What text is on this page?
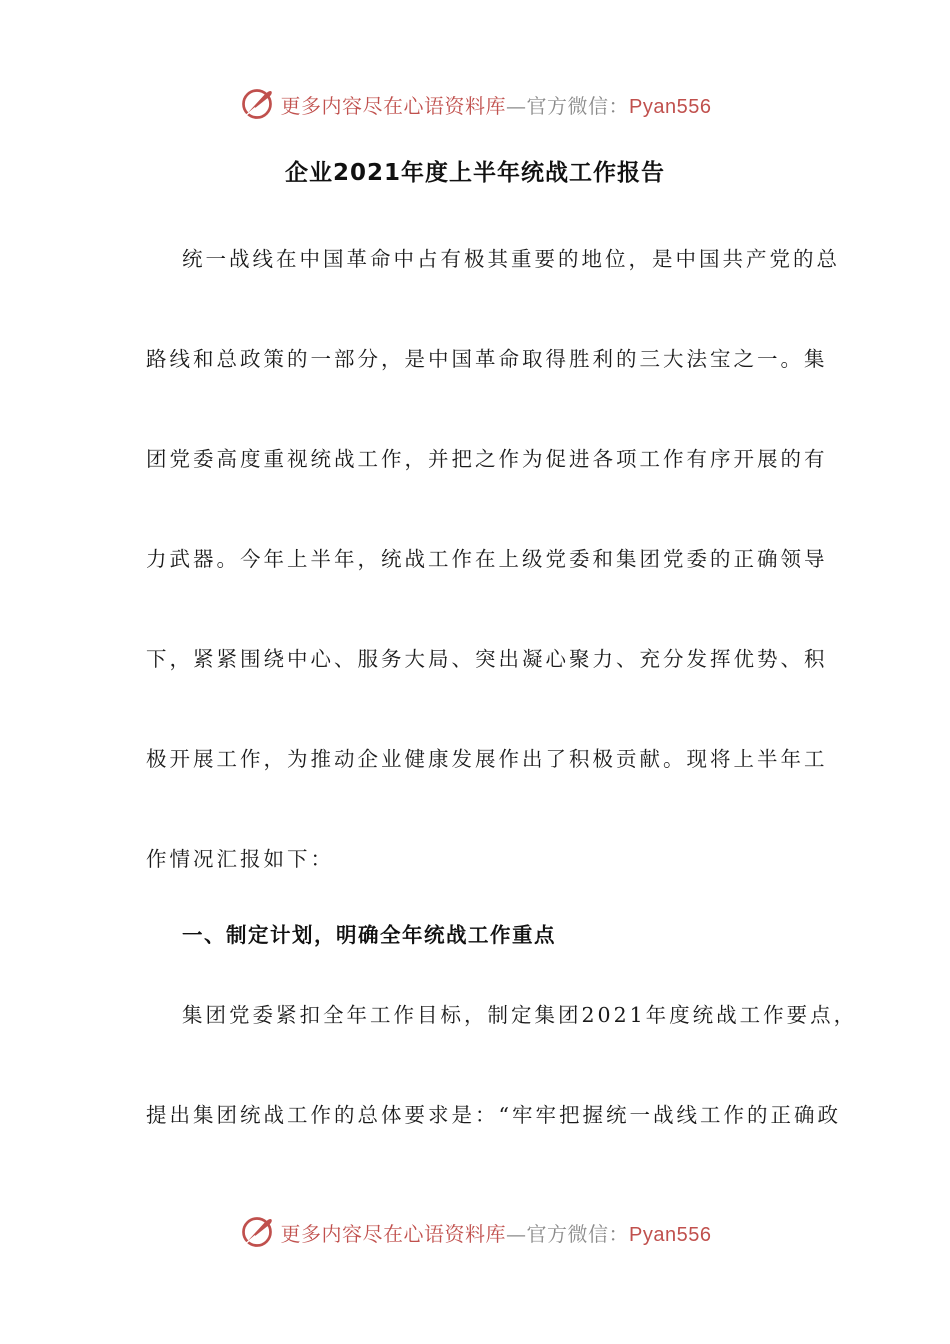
更多内容尽在心语资料库—官方微信：Pyan556
企业2021年度上半年统战工作报告
统一战线在中国革命中占有极其重要的地位，是中国共产党的总
路线和总政策的一部分，是中国革命取得胜利的三大法宝之一。集
团党委高度重视统战工作，并把之作为促进各项工作有序开展的有
力武器。今年上半年，统战工作在上级党委和集团党委的正确领导
下，紧紧围绕中心、服务大局、突出凝心聚力、充分发挥优势、积
极开展工作，为推动企业健康发展作出了积极贡献。现将上半年工
作情况汇报如下：
一、制定计划，明确全年统战工作重点
集团党委紧扣全年工作目标，制定集团2021年度统战工作要点，
提出集团统战工作的总体要求是：“牢牢把握统一战线工作的正确政
更多内容尽在心语资料库—官方微信：Pyan556
